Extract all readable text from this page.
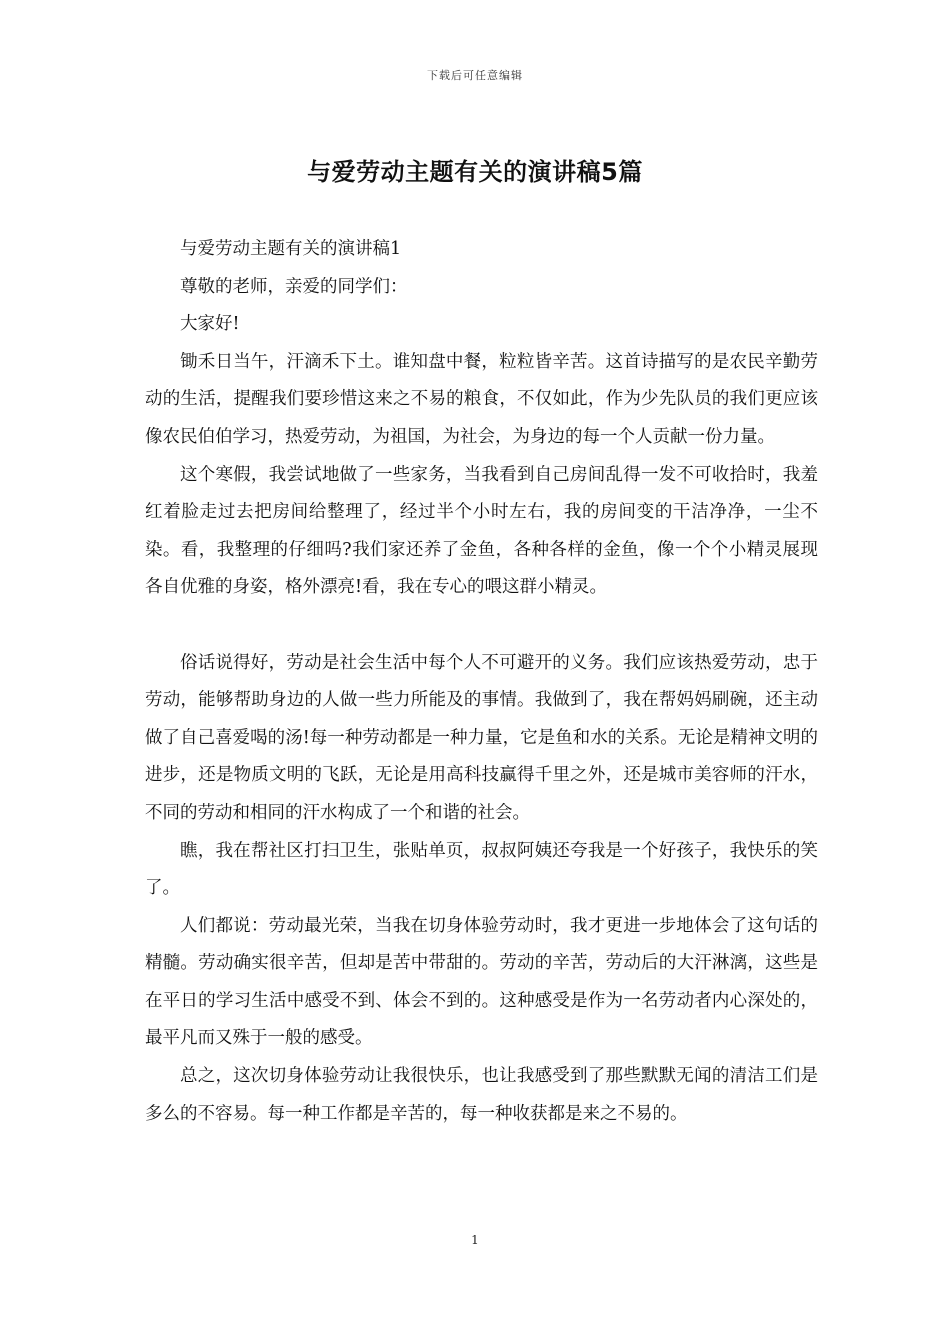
下载后可任意编辑
与爱劳动主题有关的演讲稿5篇

与爱劳动主题有关的演讲稿1

尊敬的老师，亲爱的同学们：

大家好!

锄禾日当午，汗滴禾下土。谁知盘中餐，粒粒皆辛苦。这首诗描写的是农民辛勤劳动的生活，提醒我们要珍惜这来之不易的粮食，不仅如此，作为少先队员的我们更应该像农民伯伯学习，热爱劳动，为祖国，为社会，为身边的每一个人贡献一份力量。

这个寒假，我尝试地做了一些家务，当我看到自己房间乱得一发不可收拾时，我羞红着脸走过去把房间给整理了，经过半个小时左右，我的房间变的干洁净净，一尘不染。看，我整理的仔细吗?我们家还养了金鱼，各种各样的金鱼，像一个个小精灵展现各自优雅的身姿，格外漂亮!看，我在专心的喂这群小精灵。

俗话说得好，劳动是社会生活中每个人不可避开的义务。我们应该热爱劳动，忠于劳动，能够帮助身边的人做一些力所能及的事情。我做到了，我在帮妈妈刷碗，还主动做了自己喜爱喝的汤!每一种劳动都是一种力量，它是鱼和水的关系。无论是精神文明的进步，还是物质文明的飞跃，无论是用高科技赢得千里之外，还是城市美容师的汗水，不同的劳动和相同的汗水构成了一个和谐的社会。

瞧，我在帮社区打扫卫生，张贴单页，叔叔阿姨还夸我是一个好孩子，我快乐的笑了。

人们都说：劳动最光荣，当我在切身体验劳动时，我才更进一步地体会了这句话的精髓。劳动确实很辛苦，但却是苦中带甜的。劳动的辛苦，劳动后的大汗淋漓，这些是在平日的学习生活中感受不到、体会不到的。这种感受是作为一名劳动者内心深处的，最平凡而又殊于一般的感受。

总之，这次切身体验劳动让我很快乐，也让我感受到了那些默默无闻的清洁工们是多么的不容易。每一种工作都是辛苦的，每一种收获都是来之不易的。

1
